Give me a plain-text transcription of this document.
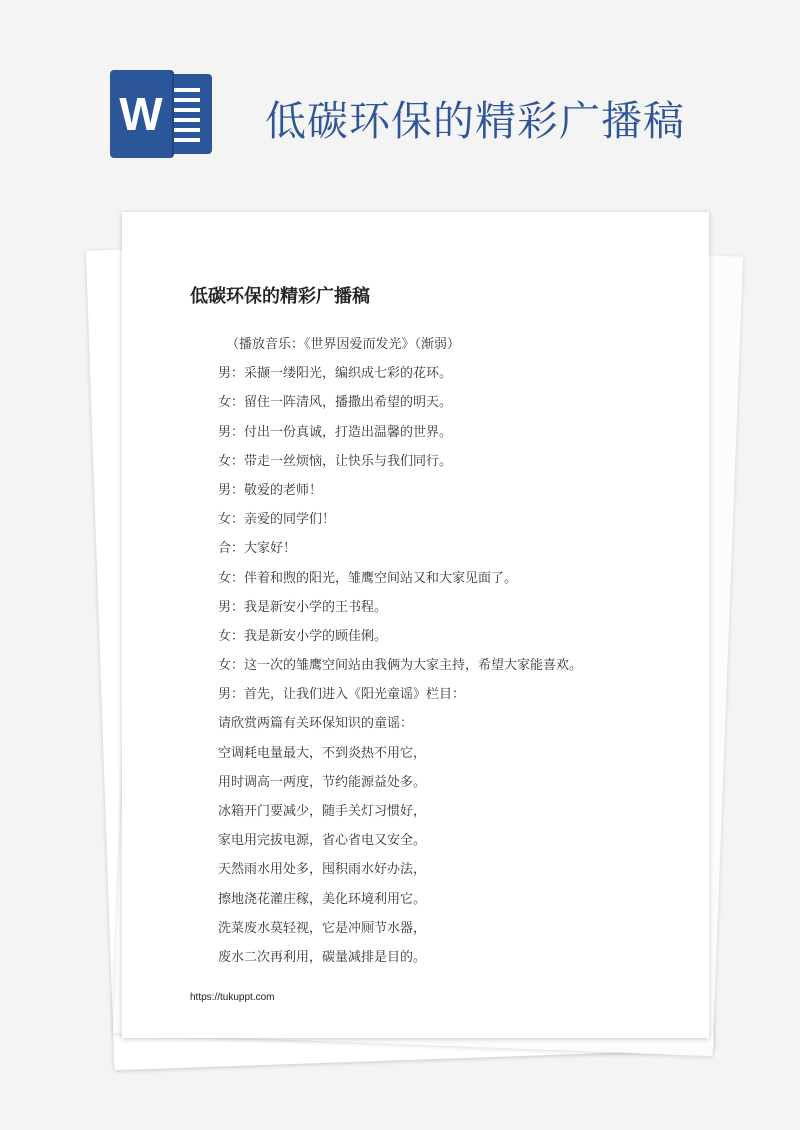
W 低碳环保的精彩广播稿
低碳环保的精彩广播稿
（播放音乐：《世界因爱而发光》（渐弱）
男：采撷一缕阳光，编织成七彩的花环。
女：留住一阵清风，播撒出希望的明天。
男：付出一份真诚，打造出温馨的世界。
女：带走一丝烦恼，让快乐与我们同行。
男：敬爱的老师！
女：亲爱的同学们！
合：大家好！
女：伴着和煦的阳光，雏鹰空间站又和大家见面了。
男：我是新安小学的王书程。
女：我是新安小学的顾佳俐。
女：这一次的雏鹰空间站由我俩为大家主持，希望大家能喜欢。
男：首先，让我们进入《阳光童谣》栏目：
请欣赏两篇有关环保知识的童谣：
空调耗电量最大，不到炎热不用它，
用时调高一两度，节约能源益处多。
冰箱开门要减少，随手关灯习惯好，
家电用完拔电源，省心省电又安全。
天然雨水用处多，囤积雨水好办法，
擦地浇花灌庄稼，美化环境利用它。
洗菜废水莫轻视，它是冲厕节水器，
废水二次再利用，碳量减排是目的。
https://tukuppt.com
